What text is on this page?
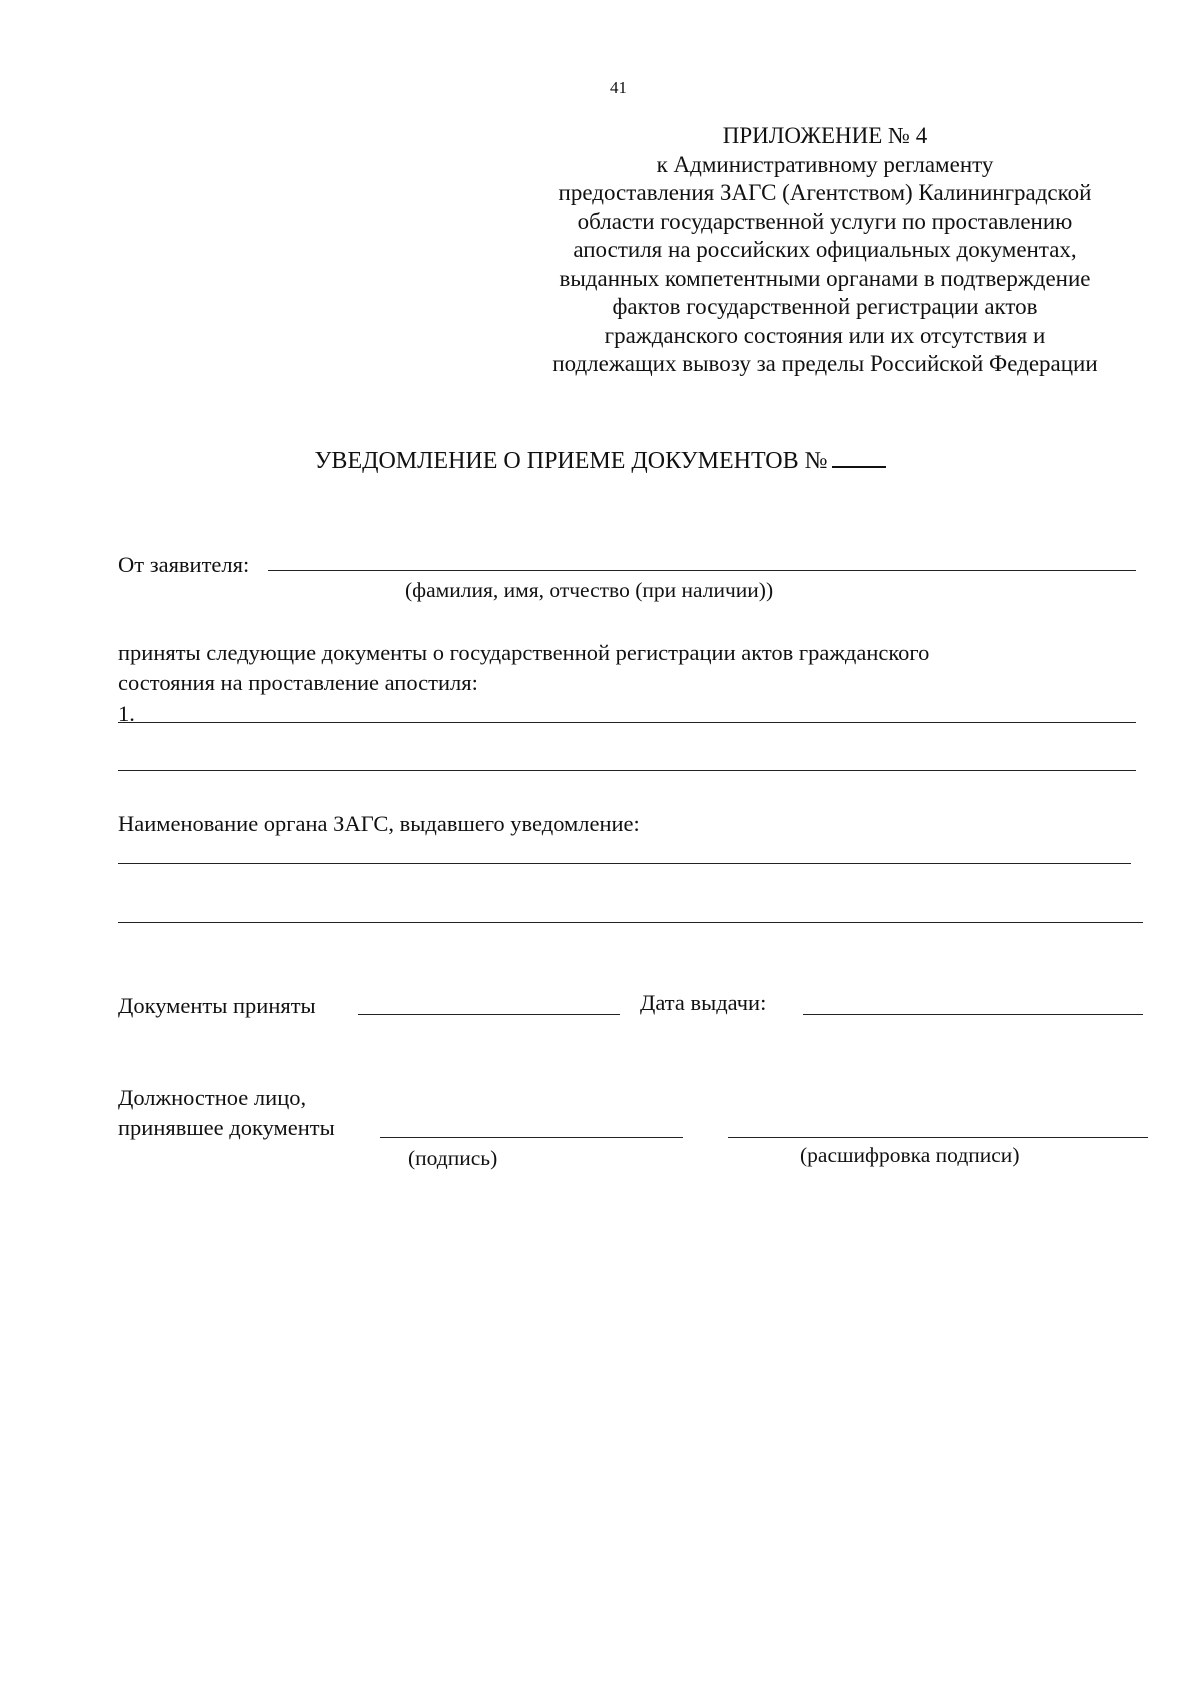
41
ПРИЛОЖЕНИЕ № 4
к Административному регламенту
предоставления ЗАГС (Агентством) Калининградской
области государственной услуги по проставлению
апостиля на российских официальных документах,
выданных компетентными органами в подтверждение
фактов государственной регистрации актов
гражданского состояния или их отсутствия и
подлежащих вывозу за пределы Российской Федерации
УВЕДОМЛЕНИЕ О ПРИЕМЕ ДОКУМЕНТОВ №
От заявителя:
(фамилия, имя, отчество (при наличии))
приняты следующие документы о государственной регистрации актов гражданского
состояния на проставление апостиля:
1.
Наименование органа ЗАГС, выдавшего уведомление:
Документы приняты	Дата выдачи:
Должностное лицо,
принявшее документы
(подпись)	(расшифровка подписи)
